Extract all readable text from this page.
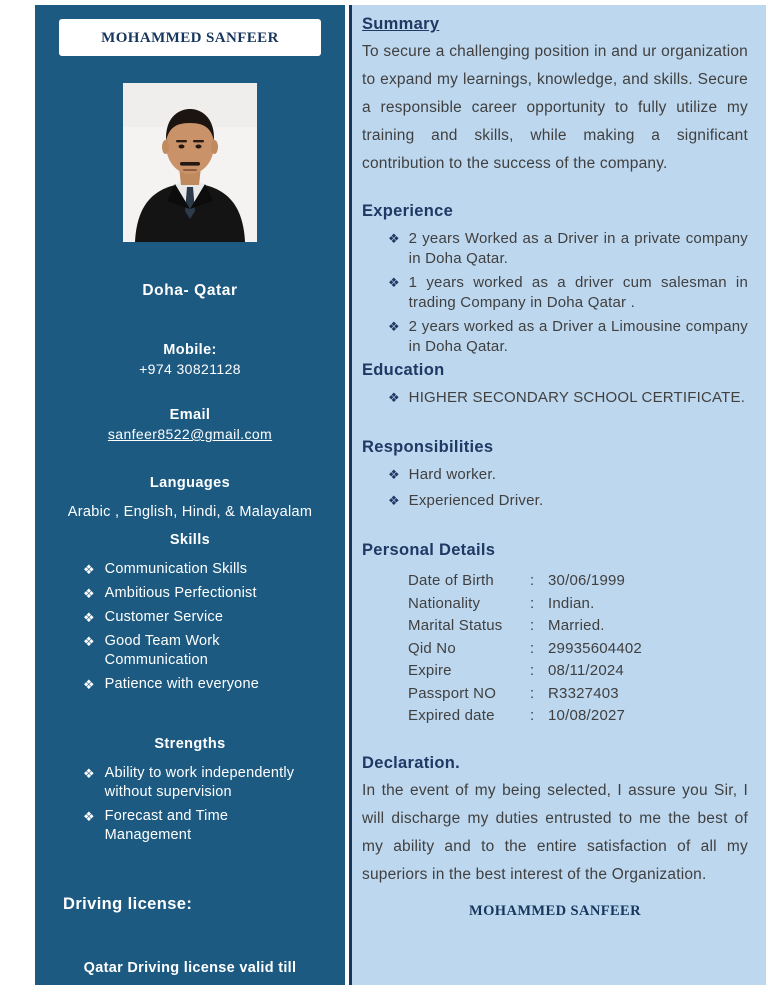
MOHAMMED SANFEER
Doha- Qatar
Mobile:
+974 30821128
Email
sanfeer8522@gmail.com
Languages
Arabic , English, Hindi, & Malayalam
Skills
❖ Communication Skills
❖ Ambitious Perfectionist
❖ Customer Service
❖ Good Team Work Communication
❖ Patience with everyone
Strengths
❖ Ability to work independently without supervision
❖ Forecast and Time Management
Driving license:
Qatar Driving license valid till
23/07/2029
Summary
To secure a challenging position in and ur organization to expand my learnings, knowledge, and skills. Secure a responsible career opportunity to fully utilize my training and skills, while making a significant contribution to the success of the company.
Experience
❖ 2 years Worked as a Driver in a private company in Doha Qatar.
❖ 1 years worked as a driver cum salesman in trading Company in Doha Qatar .
❖ 2 years worked as a Driver a Limousine company in Doha Qatar.
Education
❖ HIGHER SECONDARY SCHOOL CERTIFICATE.
Responsibilities
❖ Hard worker.
❖ Experienced Driver.
Personal Details
Date of Birth	: 30/06/1999
Nationality	: Indian.
Marital Status	: Married.
Qid No	: 29935604402
Expire	: 08/11/2024
Passport NO	: R3327403
Expired date	: 10/08/2027
Declaration.
In the event of my being selected, I assure you Sir, I will discharge my duties entrusted to me the best of my ability and to the entire satisfaction of all my superiors in the best interest of the Organization.
MOHAMMED SANFEER
